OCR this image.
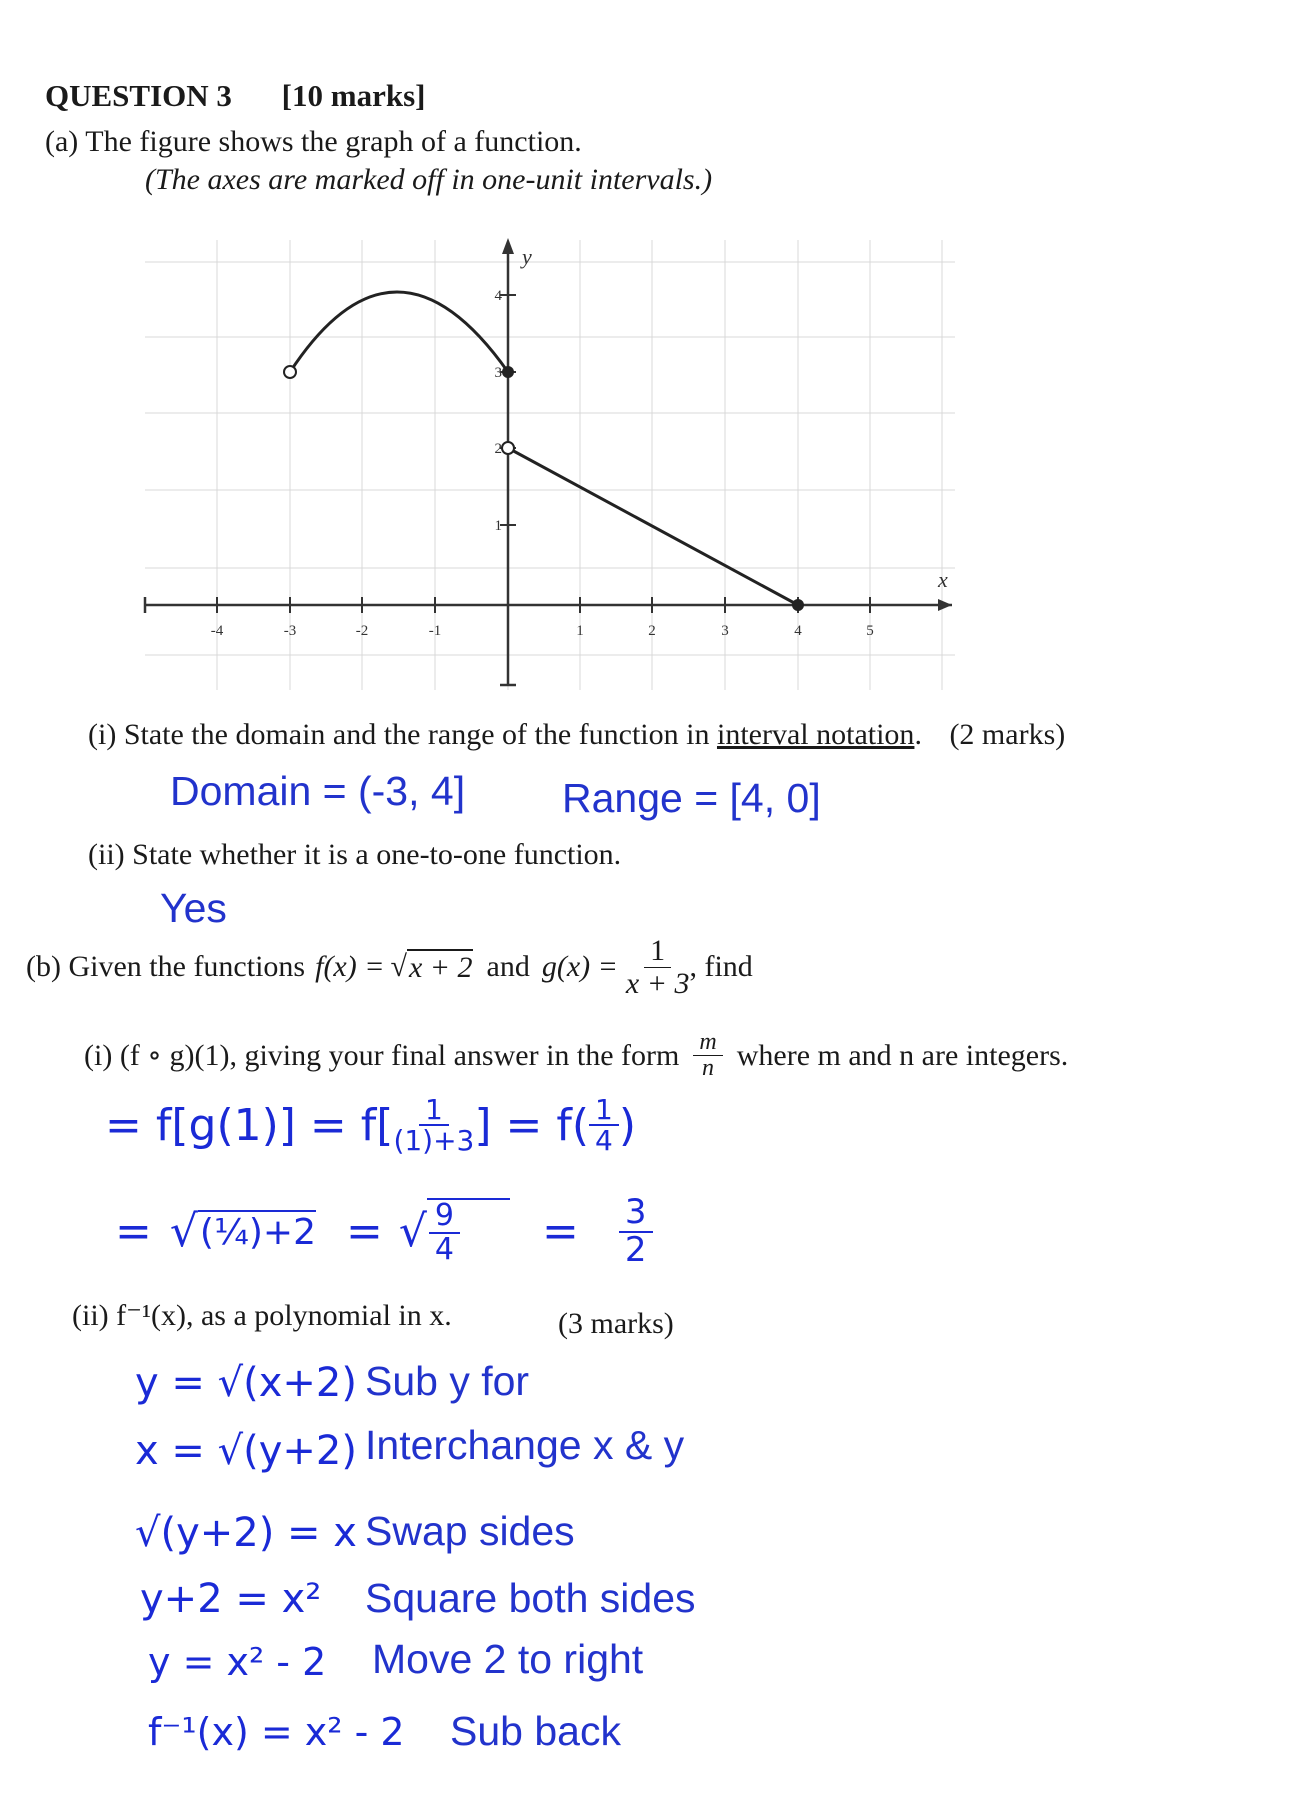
QUESTION 3 [10 marks]
(a) The figure shows the graph of a function.
(The axes are marked off in one-unit intervals.)
-4	-3	-2	-1	1	2	3	4	5
1
2
3
4
y
x
(i) State the domain and the range of the function in interval notation. (2 marks)
Domain = (-3, 4] Range = [4, 0]
(ii) State whether it is a one-to-one function.
Yes
(b) Given the functions f(x) = √ x + 2 and $g(x) = \frac{1}{x + 3}$ , find
(i) (f ∘ g)(1), giving your final answer in the form $\frac{m}{n}$ where m and n are integers.
= $f[g(1)] = f[ \frac{1}{(1)+3}$ ] = $f( \frac{1}{4}$ )
= √ (¼)+2 = √ $\frac{9}{4} = \frac{3}{2}$
(ii) f⁻¹(x), as a polynomial in x.	(3 marks)
y = √(x+2) Sub y for
x = √(y+2) Interchange x & y
√(y+2) = x Swap sides
y+2 = x² Square both sides
y = x² - 2 Move 2 to right
f⁻¹(x) = x² - 2 Sub back
